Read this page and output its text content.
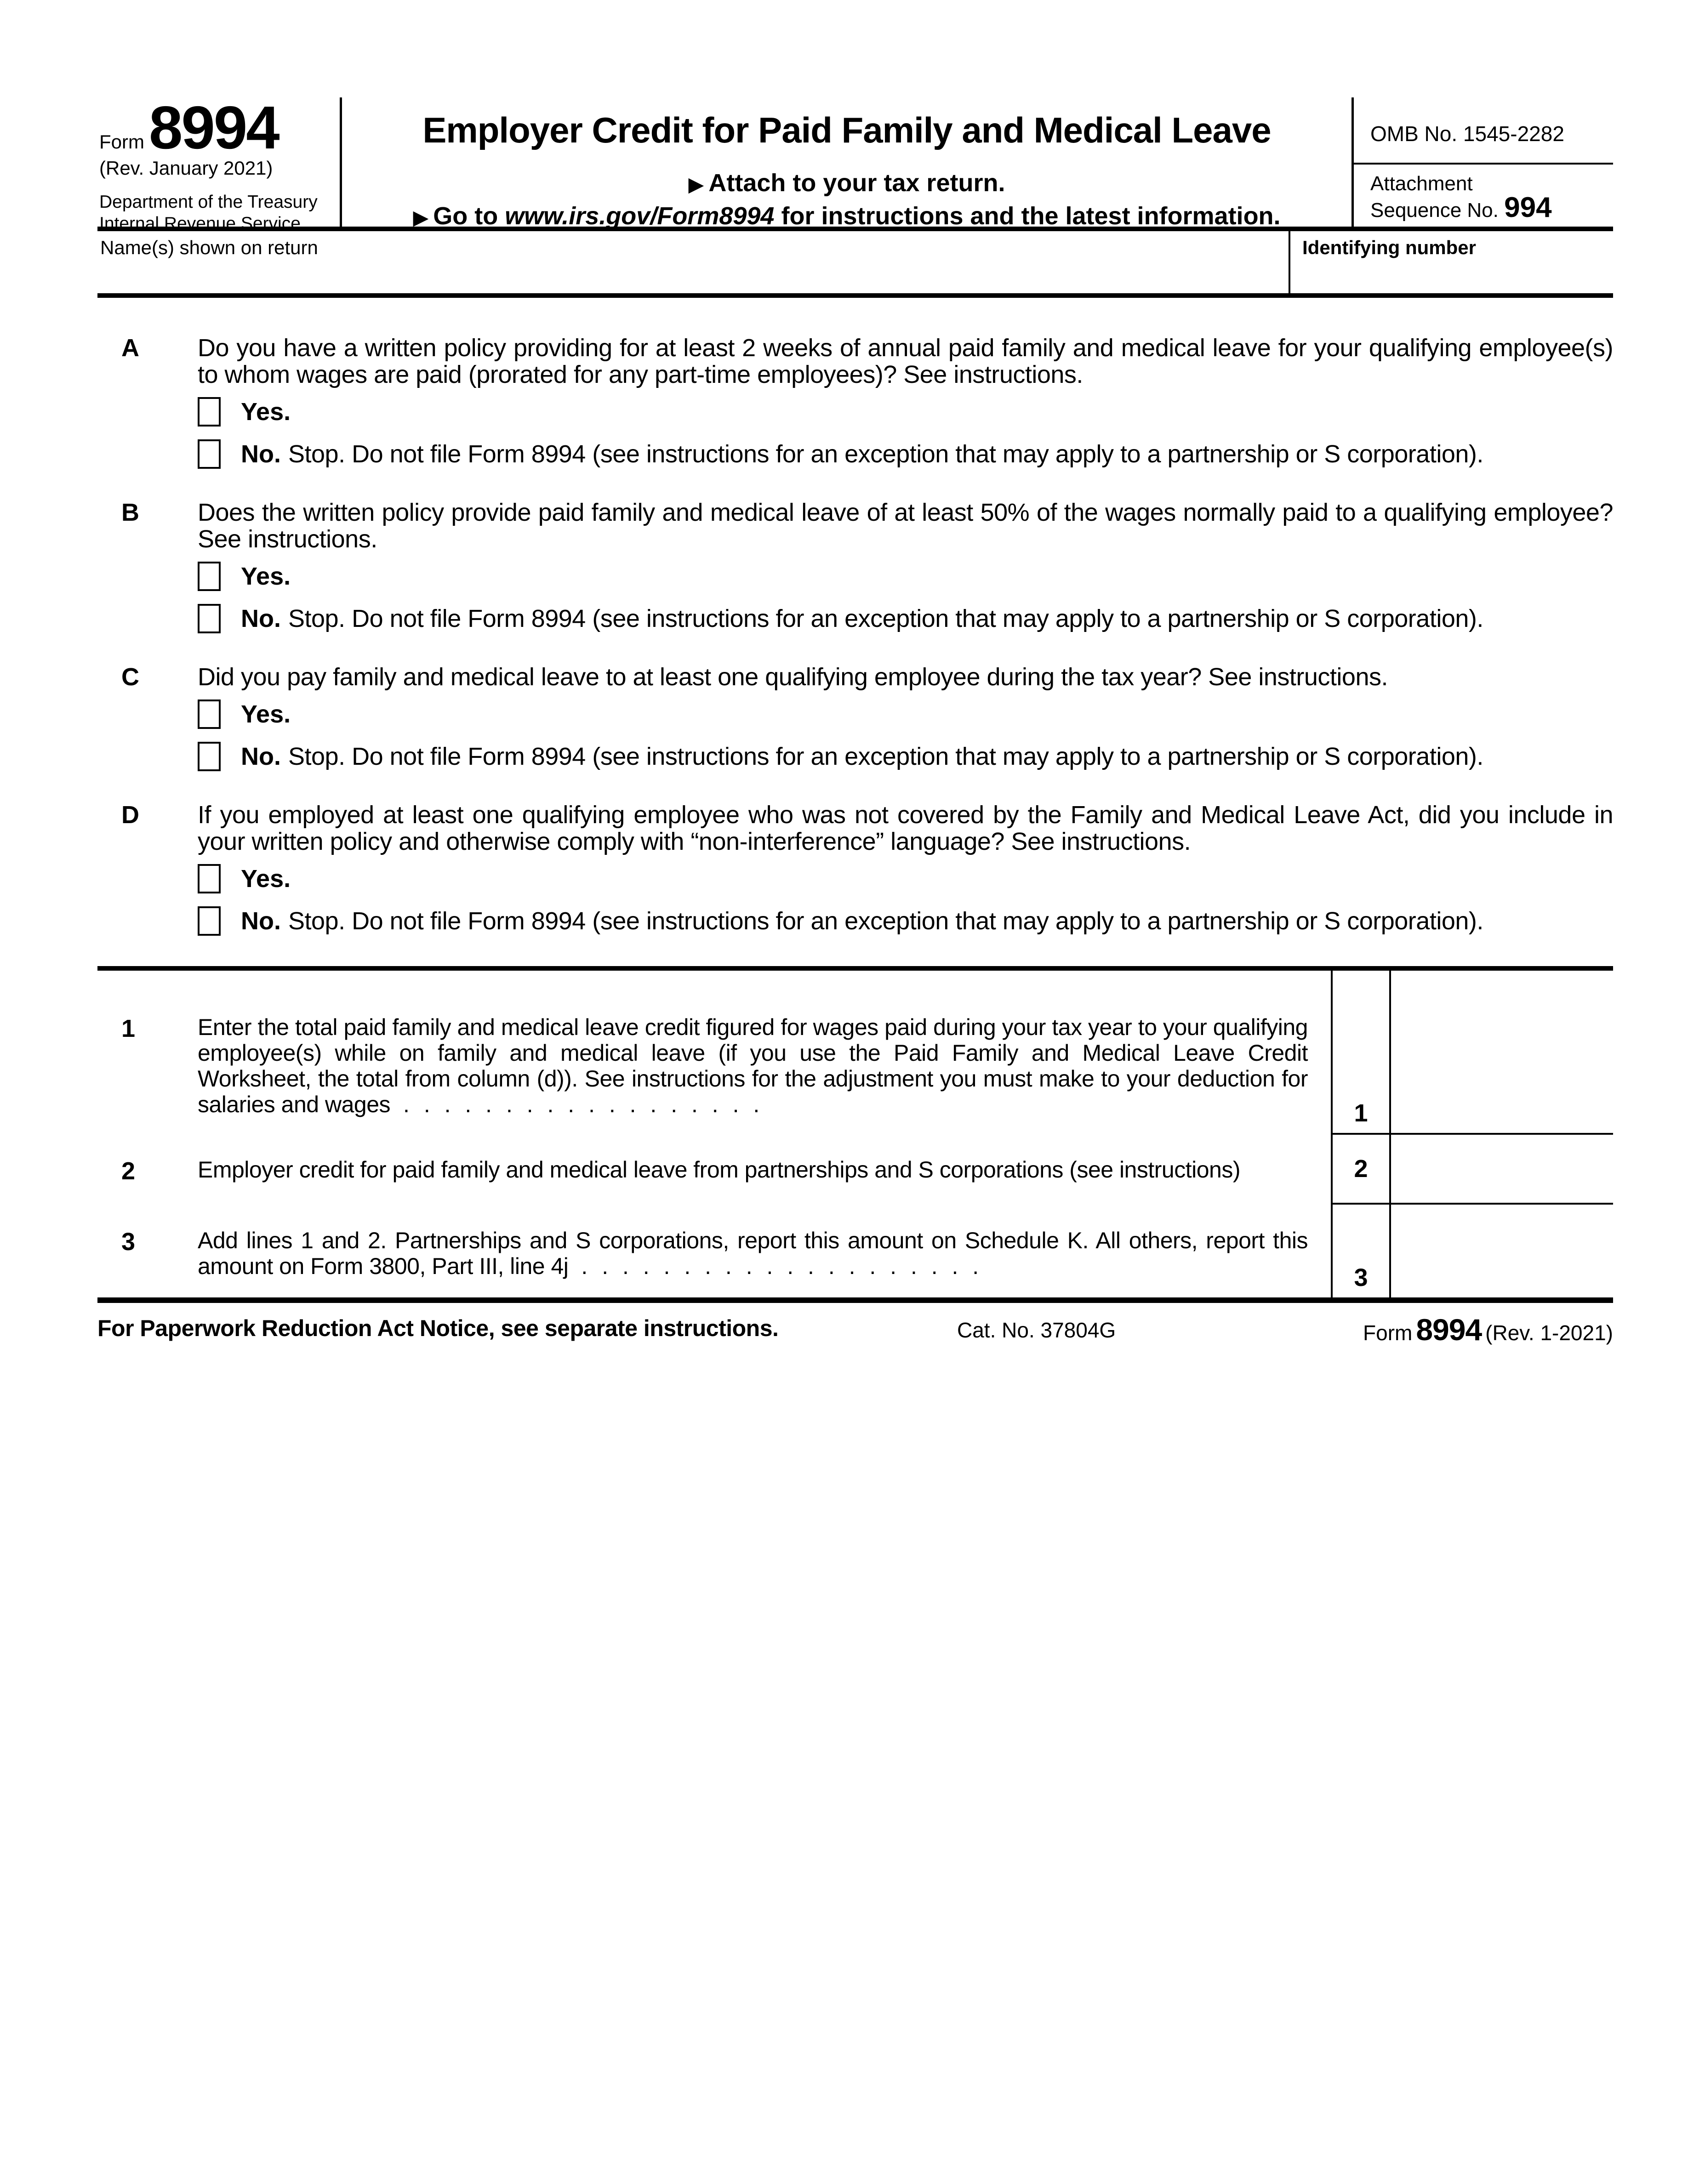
Form 8994
(Rev. January 2021)
Department of the Treasury
Internal Revenue Service
Employer Credit for Paid Family and Medical Leave
▶ Attach to your tax return.
▶ Go to www.irs.gov/Form8994 for instructions and the latest information.
OMB No. 1545-2282
Attachment
Sequence No. 994
Name(s) shown on return	Identifying number
A	Do you have a written policy providing for at least 2 weeks of annual paid family and medical leave for your qualifying employee(s) to whom wages are paid (prorated for any part-time employees)? See instructions.
Yes.
No. Stop. Do not file Form 8994 (see instructions for an exception that may apply to a partnership or S corporation).
B	Does the written policy provide paid family and medical leave of at least 50% of the wages normally paid to a qualifying employee? See instructions.
Yes.
No. Stop. Do not file Form 8994 (see instructions for an exception that may apply to a partnership or S corporation).
C	Did you pay family and medical leave to at least one qualifying employee during the tax year? See instructions.
Yes.
No. Stop. Do not file Form 8994 (see instructions for an exception that may apply to a partnership or S corporation).
D	If you employed at least one qualifying employee who was not covered by the Family and Medical Leave Act, did you include in your written policy and otherwise comply with “non-interference” language? See instructions.
Yes.
No. Stop. Do not file Form 8994 (see instructions for an exception that may apply to a partnership or S corporation).
1	Enter the total paid family and medical leave credit figured for wages paid during your tax year to your qualifying employee(s) while on family and medical leave (if you use the Paid Family and Medical Leave Credit Worksheet, the total from column (d)). See instructions for the adjustment you must make to your deduction for salaries and wages . . . . . . . . . . . . . . . . . .	1
2	Employer credit for paid family and medical leave from partnerships and S corporations (see instructions)	2
3	Add lines 1 and 2. Partnerships and S corporations, report this amount on Schedule K. All others, report this amount on Form 3800, Part III, line 4j . . . . . . . . . . . . . . . . . . . .	3
For Paperwork Reduction Act Notice, see separate instructions.	Cat. No. 37804G	Form 8994 (Rev. 1-2021)
